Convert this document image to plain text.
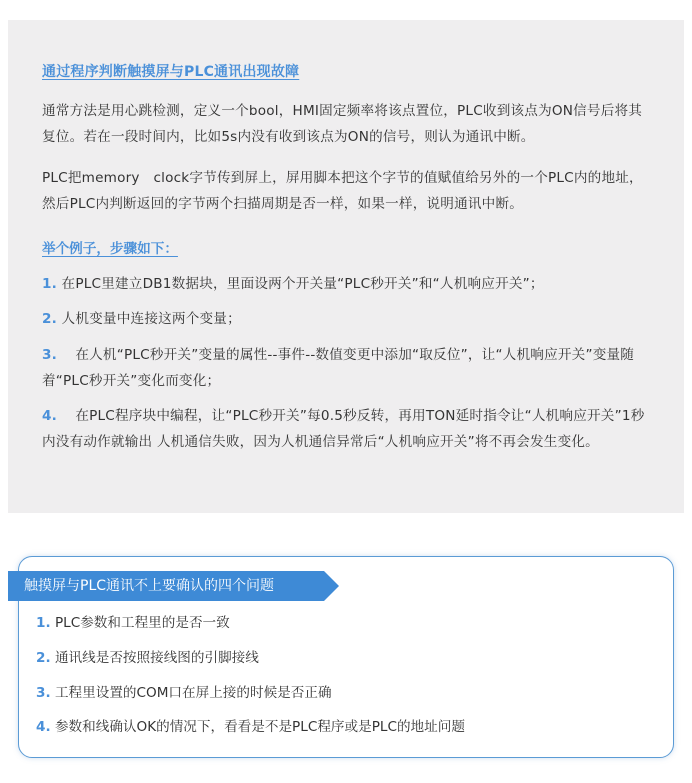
通过程序判断触摸屏与PLC通讯出现故障
通常方法是用心跳检测，定义一个bool，HMI固定频率将该点置位，PLC收到该点为ON信号后将其复位。若在一段时间内，比如5s内没有收到该点为ON的信号，则认为通讯中断。
PLC把memory　clock字节传到屏上，屏用脚本把这个字节的值赋值给另外的一个PLC内的地址，然后PLC内判断返回的字节两个扫描周期是否一样，如果一样，说明通讯中断。
举个例子，步骤如下：
1. 在PLC里建立DB1数据块，里面设两个开关量“PLC秒开关”和“人机响应开关”；
2. 人机变量中连接这两个变量；
3. 　在人机“PLC秒开关”变量的属性--事件--数值变更中添加“取反位”，让“人机响应开关”变量随着“PLC秒开关”变化而变化；
4. 　在PLC程序块中编程，让“PLC秒开关”每0.5秒反转，再用TON延时指令让“人机响应开关”1秒内没有动作就输出 人机通信失败，因为人机通信异常后“人机响应开关”将不再会发生变化。
触摸屏与PLC通讯不上要确认的四个问题
1. PLC参数和工程里的是否一致
2. 通讯线是否按照接线图的引脚接线
3. 工程里设置的COM口在屏上接的时候是否正确
4. 参数和线确认OK的情况下，看看是不是PLC程序或是PLC的地址问题
